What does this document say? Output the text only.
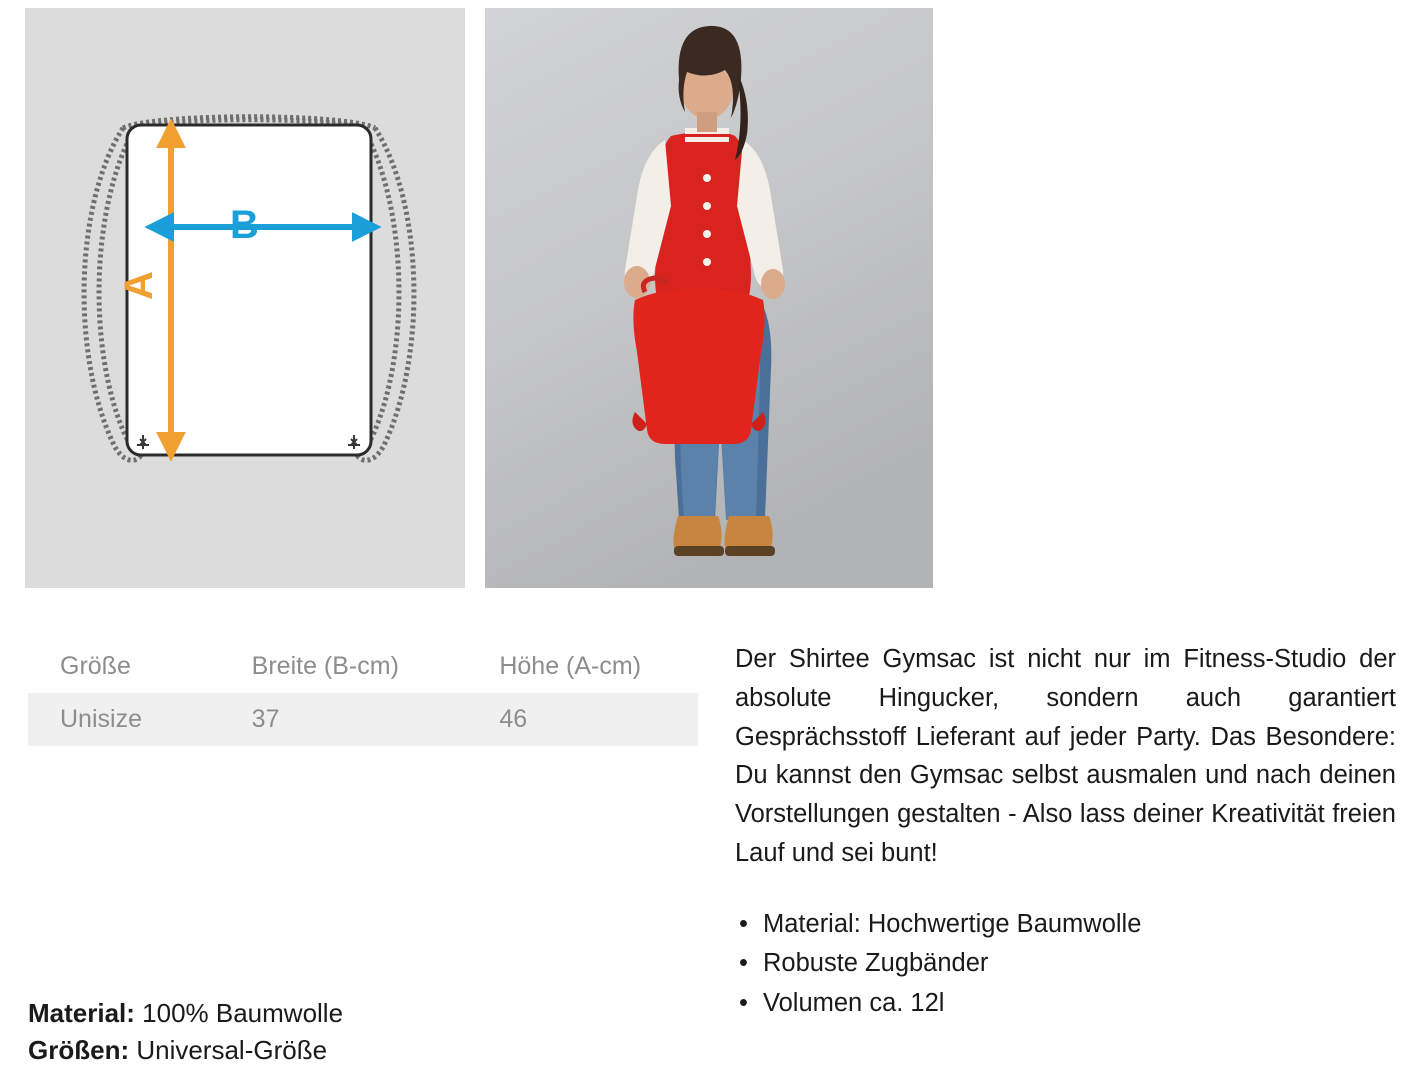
A
B
Größe	Breite (B-cm)	Höhe (A-cm)
Unisize	37	46
Material: 100% Baumwolle
Größen: Universal-Größe

Der Shirtee Gymsac ist nicht nur im Fitness-Studio der absolute Hingucker, sondern auch garantiert Gesprächsstoff Lieferant auf jeder Party. Das Besondere: Du kannst den Gymsac selbst ausmalen und nach deinen Vorstellungen gestalten - Also lass deiner Kreativität freien Lauf und sei bunt!

• Material: Hochwertige Baumwolle
• Robuste Zugbänder
• Volumen ca. 12l
